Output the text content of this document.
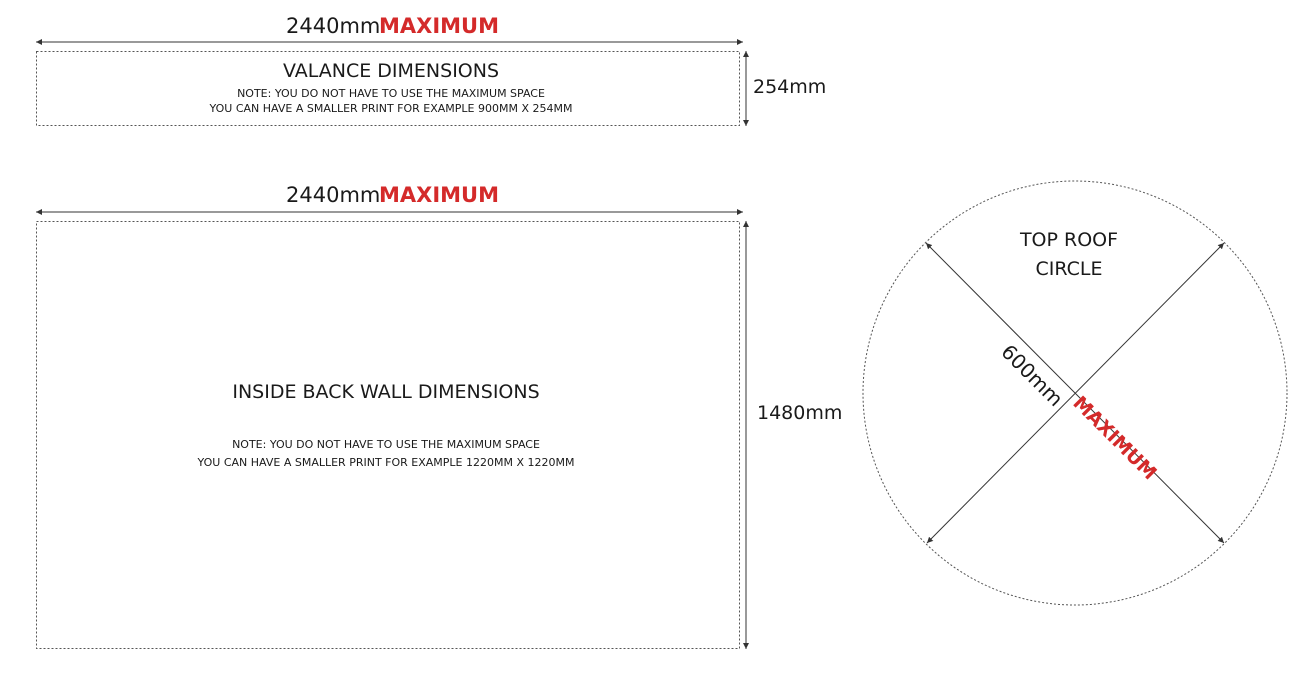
2440mm
MAXIMUM
VALANCE DIMENSIONS
NOTE: YOU DO NOT HAVE TO USE THE MAXIMUM SPACE
YOU CAN HAVE A SMALLER PRINT FOR EXAMPLE 900MM X 254MM
254mm
2440mm
MAXIMUM
INSIDE BACK WALL DIMENSIONS
NOTE: YOU DO NOT HAVE TO USE THE MAXIMUM SPACE
YOU CAN HAVE A SMALLER PRINT FOR EXAMPLE 1220MM X 1220MM
1480mm
TOP ROOF
CIRCLE
600mm
MAXIMUM
